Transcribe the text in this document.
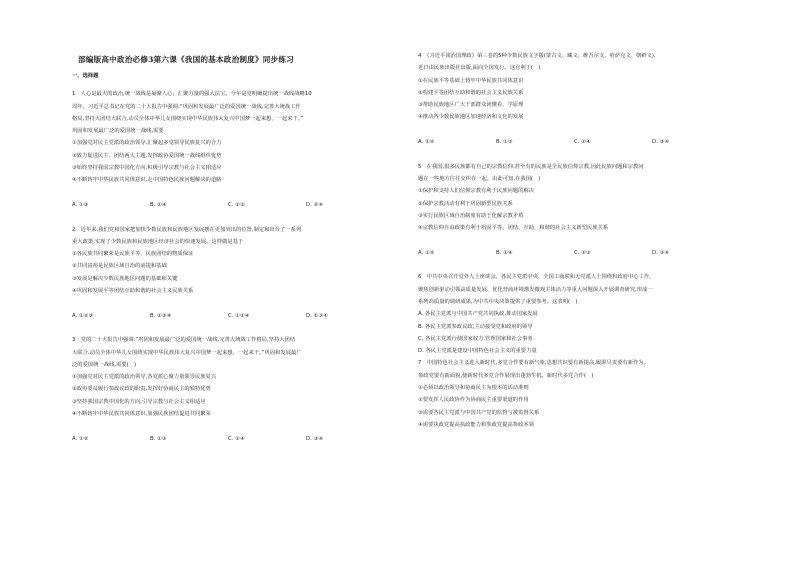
部编版高中政治必修3第六课《我国的基本政治制度》同步练习
一、选择题
1　人心是最大的政治,统一战线是凝聚人心、汇聚力量的强大法宝。今年是党明确提出统一战线战略10
周年。习近平总书记在党的二十大报告中强调:“巩固和发展最广泛的爱国统一战线,完善大统战工作
格局,坚持大团结大联合,动员全体中华儿女围绕实现中华民族伟大复兴中国梦一起来想、一起来干。”
巩固和发展最广泛的爱国统一战线,需要
①加强党对民主党派的政治领导,汇聚起多党领导民族复兴的合力
②致力促进民主、团结两大主题,发挥政协爱国统一战线组织优势
③始终坚持我国宗教中国化方向,积极引导宗教与社会主义相适应
④不断铸牢中华民族共同体意识,走中国特色民族问题解决的道路
A. ①③	B. ①④	C. ②③	D. ②④
2　近年来,我们党和国家把加快少数民族和民族地区发展摆在更加突出的位置,制定和出台了一系列
重大政策,实现了少数民族和民族地区经济社会的快速发展。这样做是基于
①各民族共同繁荣是民族平等、民族团结的物质保证
②共同富裕是民族区域自治的前提和基础
③发展是解决少数民族地区问题的基础和关键
④巩固和发展平等团结互助和谐的社会主义民族关系
A. ①②③	B. ②③④	C. ①②④	D. ①③④
3　党的二十大报告中强调:“巩固和发展最广泛的爱国统一战线,完善大统战工作格局,坚持大团结
大联合,动员全体中华儿女围绕实现中华民族伟大复兴中国梦一起来想、一起来干。”巩固和发展最广
泛的爱国统一战线,需要(　)
①加强党对民主党派的政治领导,各党派心聚力量领导民族复兴
②政协委员履行参政议政的职责,发挥好协商民主的独特优势
③坚持我国宗教中国化的方向,引导宗教与社会主义相适应
④不断铸牢中华民族共同体意识,加强民族团结促进共同繁荣
A. ①②	B. ①③	C. ②④	D. ③④
4　《习近平谈治国理政》第三卷的5种少数民族文字版(蒙古文、藏文、维吾尔文、哈萨克文、朝鲜文),
近日由民族出版社出版,面向全国发行。这有利于(　)
①在民族平等基础上铸牢中华民族共同体意识
②构建平等团结互助和谐的社会主义民族关系
③帮助民族地区广大干部群众读懂看、学原理
④推动各少数民族地区加速经济和文化的发展
A. ①②	B. ①③	C. ②④	D. ③④
5　在我国,很多民族都有自己的宗教信仰,甚至有的民族是全民族信仰宗教,因此民族问题和宗教问
题在一些地方往往交织在一起。由此可知,在我国(　)
①保护和支持人们信仰宗教有利于民族问题的解决
②保护宗教活动有利于巩固新型民族关系
③实行民族区域自治制度有助于化解宗教矛盾
④宗教信仰自由政策有利于巩固平等、团结、互助、和谐的社会主义新型民族关系
A. ①②	B. ①④	C. ②③	D. ③④
6　中共中央召开党外人士座谈会。各民主党派中央、全国工商联和无党派人士围绕和政府中心工作,
聚焦创新驱动引领高质量发展、优化营商环境激发微观主体活力等重大问题深入开展调查研究,形成一
系列高质量的调研成果,为中共中央决策提供了重要参考。这表明(　)
A. 各民主党派与中国共产党共同执政,推动国家发展
B. 各民主党派参政议政,主动接受党和政府的领导
C. 各民主党派行使国家权力,管理国家和社会事务
D. 各民主党派是建设中国特色社会主义的重要力量
7　中国特色社会主义进入新时代,多党合作要有新气象,思想共识要有新提高,履职尽责要有新作为。
参政党要有新面貌,使新时代多党合作展现出蓬勃生机。新时代多党合作(　)
①必须以政治领导和协商民主为根本的活动准则
②要发挥人民政协作为协商民主重要渠道的作用
③需要各民主党派与中国共产党的监督与被监督关系
④需要执政党提高执政能力和参政党提高参政本领
